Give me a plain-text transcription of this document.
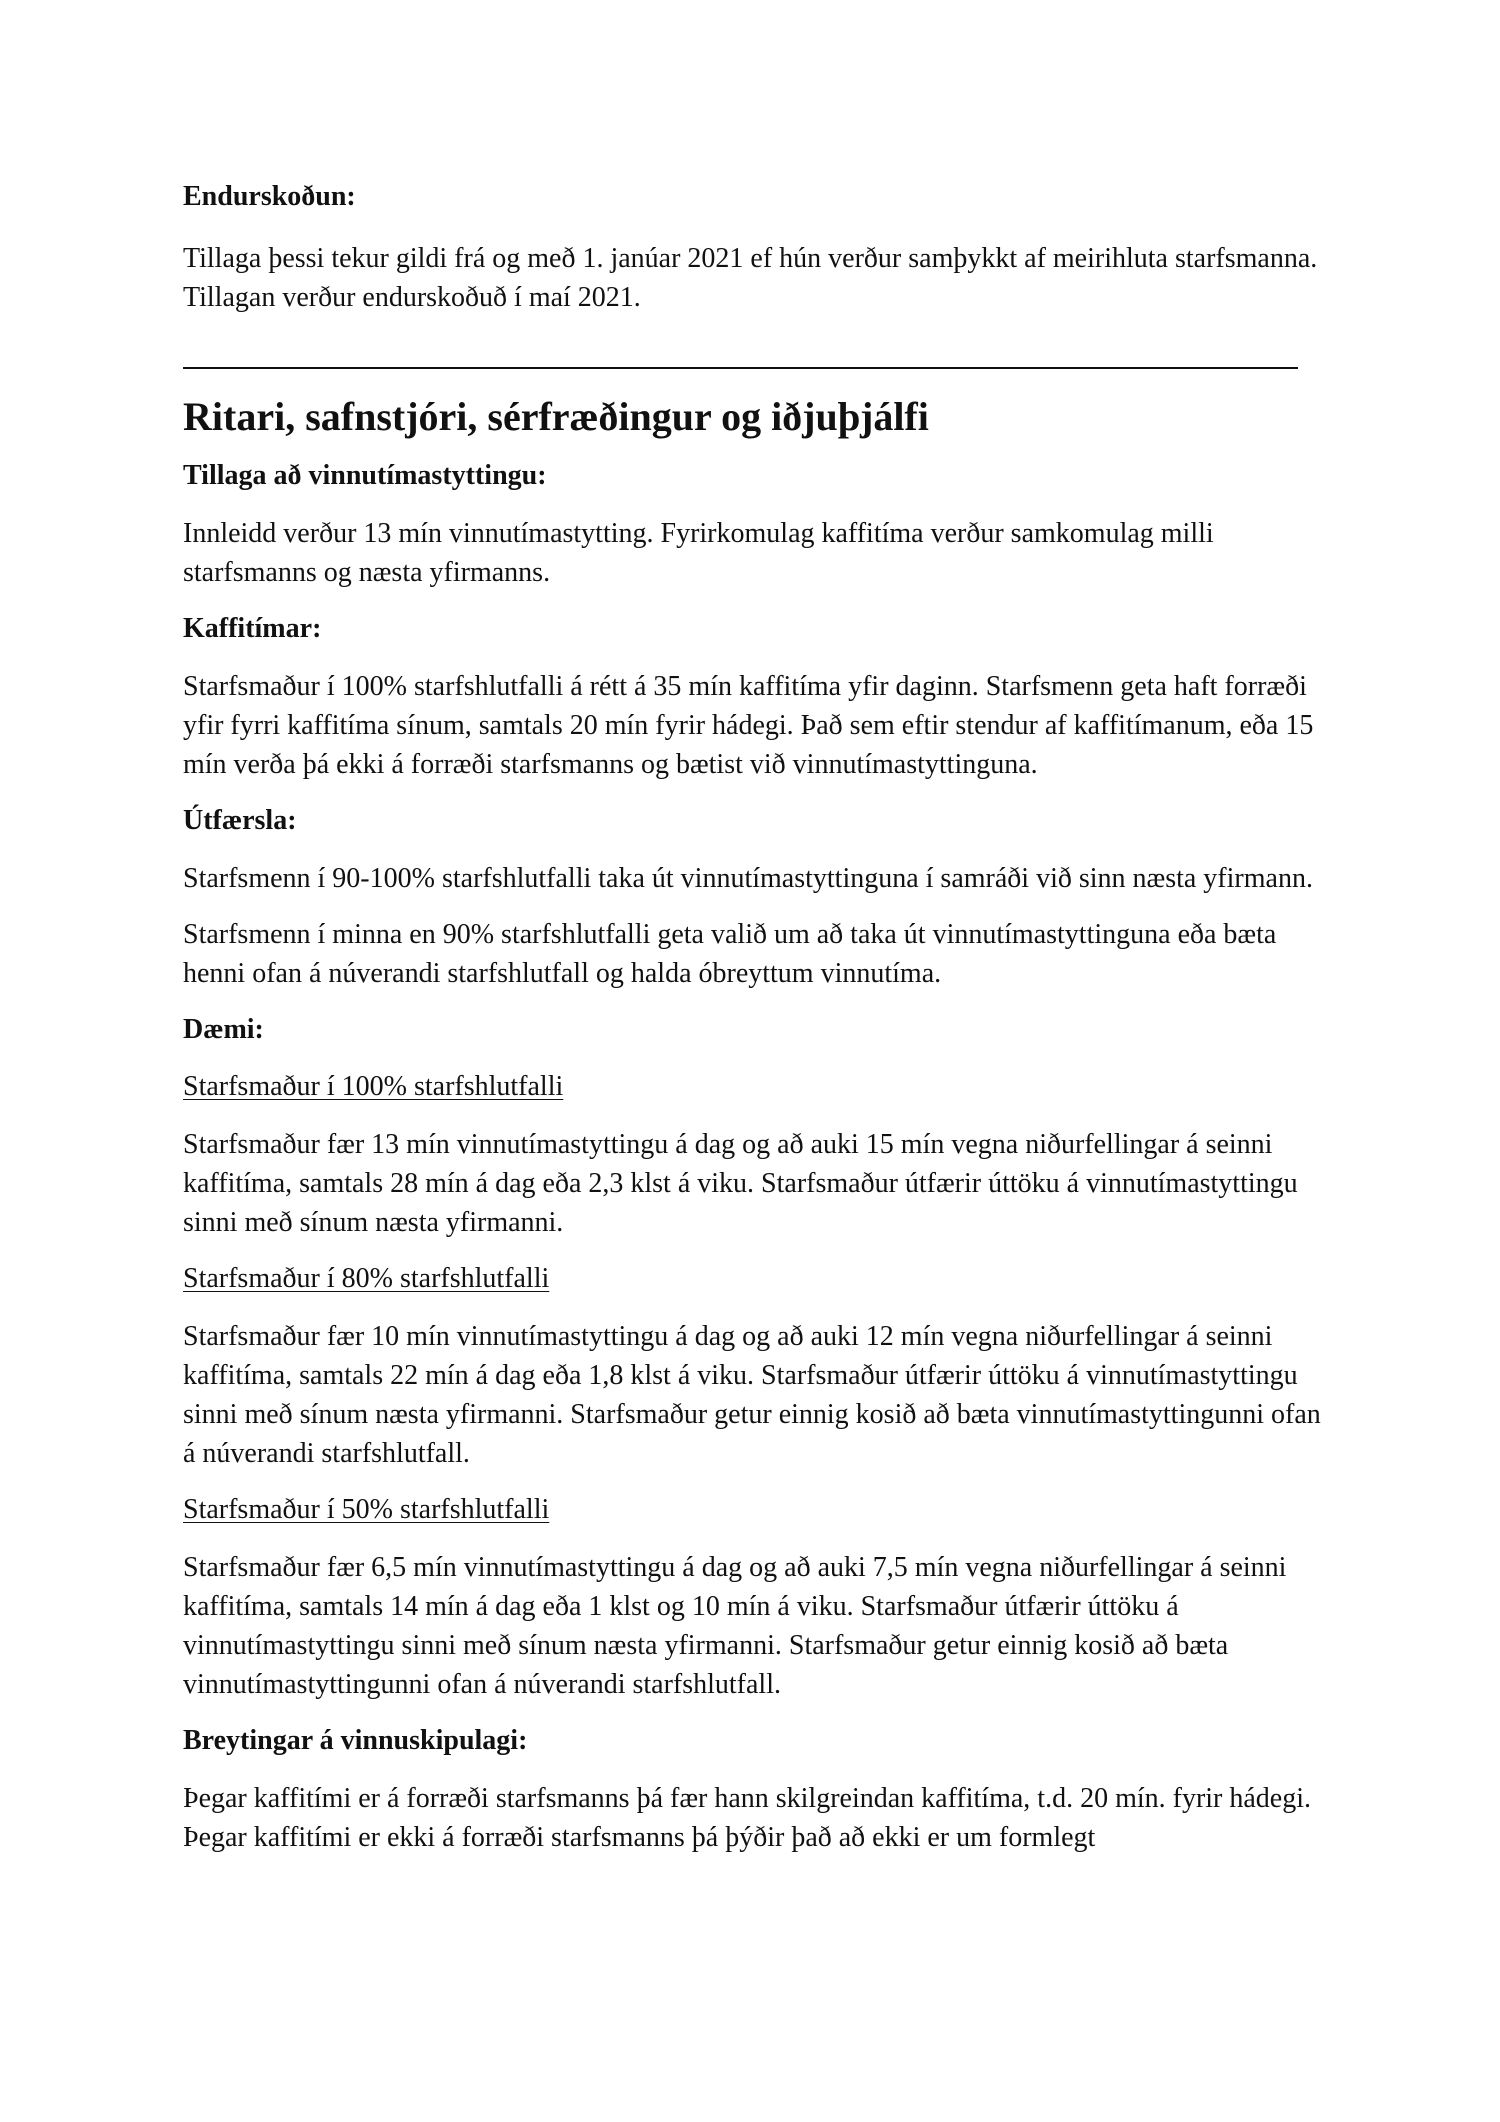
Endurskoðun:

Tillaga þessi tekur gildi frá og með 1. janúar 2021 ef hún verður samþykkt af meirihluta starfsmanna. Tillagan verður endurskoðuð í maí 2021.

Ritari, safnstjóri, sérfræðingur og iðjuþjálfi

Tillaga að vinnutímastyttingu:

Innleidd verður 13 mín vinnutímastytting. Fyrirkomulag kaffitíma verður samkomulag milli starfsmanns og næsta yfirmanns.

Kaffitímar:

Starfsmaður í 100% starfshlutfalli á rétt á 35 mín kaffitíma yfir daginn. Starfsmenn geta haft forræði yfir fyrri kaffitíma sínum, samtals 20 mín fyrir hádegi. Það sem eftir stendur af kaffitímanum, eða 15 mín verða þá ekki á forræði starfsmanns og bætist við vinnutímastyttinguna.

Útfærsla:

Starfsmenn í 90-100% starfshlutfalli taka út vinnutímastyttinguna í samráði við sinn næsta yfirmann.

Starfsmenn í minna en 90% starfshlutfalli geta valið um að taka út vinnutímastyttinguna eða bæta henni ofan á núverandi starfshlutfall og halda óbreyttum vinnutíma.

Dæmi:

Starfsmaður í 100% starfshlutfalli

Starfsmaður fær 13 mín vinnutímastyttingu á dag og að auki 15 mín vegna niðurfellingar á seinni kaffitíma, samtals 28 mín á dag eða 2,3 klst á viku. Starfsmaður útfærir úttöku á vinnutímastyttingu sinni með sínum næsta yfirmanni.

Starfsmaður í 80% starfshlutfalli

Starfsmaður fær 10 mín vinnutímastyttingu á dag og að auki 12 mín vegna niðurfellingar á seinni kaffitíma, samtals 22 mín á dag eða 1,8 klst á viku. Starfsmaður útfærir úttöku á vinnutímastyttingu sinni með sínum næsta yfirmanni. Starfsmaður getur einnig kosið að bæta vinnutímastyttingunni ofan á núverandi starfshlutfall.

Starfsmaður í 50% starfshlutfalli

Starfsmaður fær 6,5 mín vinnutímastyttingu á dag og að auki 7,5 mín vegna niðurfellingar á seinni kaffitíma, samtals 14 mín á dag eða 1 klst og 10 mín á viku. Starfsmaður útfærir úttöku á vinnutímastyttingu sinni með sínum næsta yfirmanni. Starfsmaður getur einnig kosið að bæta vinnutímastyttingunni ofan á núverandi starfshlutfall.

Breytingar á vinnuskipulagi:

Þegar kaffitími er á forræði starfsmanns þá fær hann skilgreindan kaffitíma, t.d. 20 mín. fyrir hádegi. Þegar kaffitími er ekki á forræði starfsmanns þá þýðir það að ekki er um formlegt
